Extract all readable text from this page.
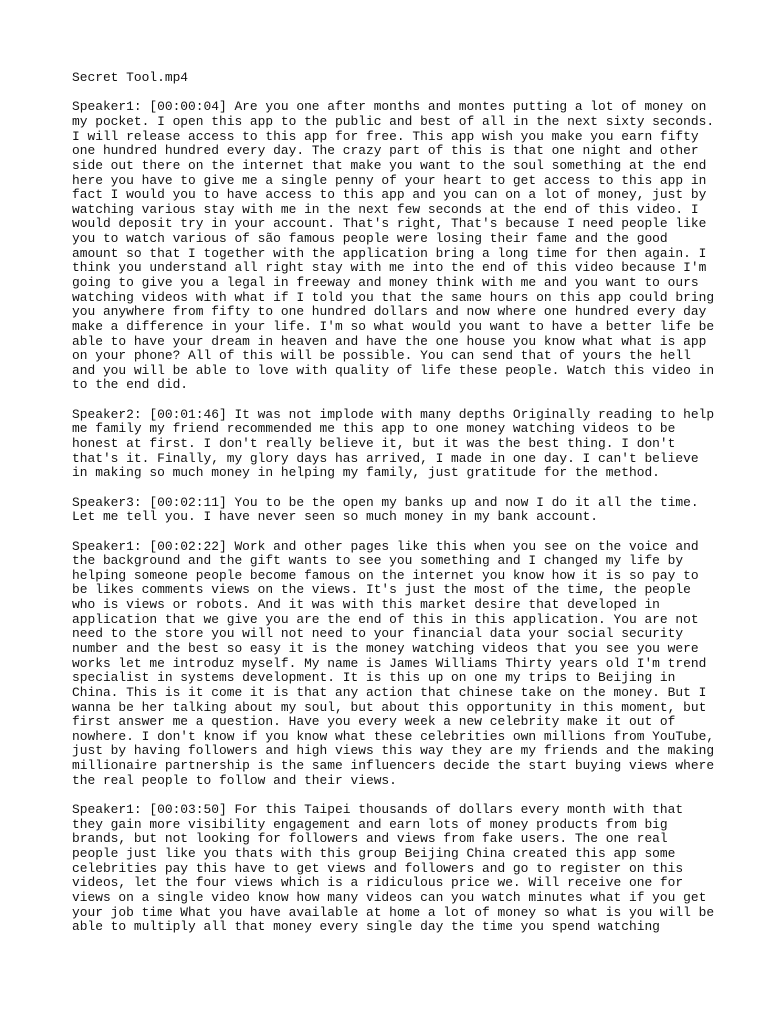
Secret Tool.mp4
Speaker1: [00:00:04] Are you one after months and montes putting a lot of money on
my pocket. I open this app to the public and best of all in the next sixty seconds.
I will release access to this app for free. This app wish you make you earn fifty
one hundred hundred every day. The crazy part of this is that one night and other
side out there on the internet that make you want to the soul something at the end
here you have to give me a single penny of your heart to get access to this app in
fact I would you to have access to this app and you can on a lot of money, just by
watching various stay with me in the next few seconds at the end of this video. I
would deposit try in your account. That's right, That's because I need people like
you to watch various of são famous people were losing their fame and the good
amount so that I together with the application bring a long time for then again. I
think you understand all right stay with me into the end of this video because I'm
going to give you a legal in freeway and money think with me and you want to ours
watching videos with what if I told you that the same hours on this app could bring
you anywhere from fifty to one hundred dollars and now where one hundred every day
make a difference in your life. I'm so what would you want to have a better life be
able to have your dream in heaven and have the one house you know what what is app
on your phone? All of this will be possible. You can send that of yours the hell
and you will be able to love with quality of life these people. Watch this video in
to the end did.
Speaker2: [00:01:46] It was not implode with many depths Originally reading to help
me family my friend recommended me this app to one money watching videos to be
honest at first. I don't really believe it, but it was the best thing. I don't
that's it. Finally, my glory days has arrived, I made in one day. I can't believe
in making so much money in helping my family, just gratitude for the method.
Speaker3: [00:02:11] You to be the open my banks up and now I do it all the time.
Let me tell you. I have never seen so much money in my bank account.
Speaker1: [00:02:22] Work and other pages like this when you see on the voice and
the background and the gift wants to see you something and I changed my life by
helping someone people become famous on the internet you know how it is so pay to
be likes comments views on the views. It's just the most of the time, the people
who is views or robots. And it was with this market desire that developed in
application that we give you are the end of this in this application. You are not
need to the store you will not need to your financial data your social security
number and the best so easy it is the money watching videos that you see you were
works let me introduz myself. My name is James Williams Thirty years old I'm trend
specialist in systems development. It is this up on one my trips to Beijing in
China. This is it come it is that any action that chinese take on the money. But I
wanna be her talking about my soul, but about this opportunity in this moment, but
first answer me a question. Have you every week a new celebrity make it out of
nowhere. I don't know if you know what these celebrities own millions from YouTube,
just by having followers and high views this way they are my friends and the making
millionaire partnership is the same influencers decide the start buying views where
the real people to follow and their views.
Speaker1: [00:03:50] For this Taipei thousands of dollars every month with that
they gain more visibility engagement and earn lots of money products from big
brands, but not looking for followers and views from fake users. The one real
people just like you thats with this group Beijing China created this app some
celebrities pay this have to get views and followers and go to register on this
videos, let the four views which is a ridiculous price we. Will receive one for
views on a single video know how many videos can you watch minutes what if you get
your job time What you have available at home a lot of money so what is you will be
able to multiply all that money every single day the time you spend watching
